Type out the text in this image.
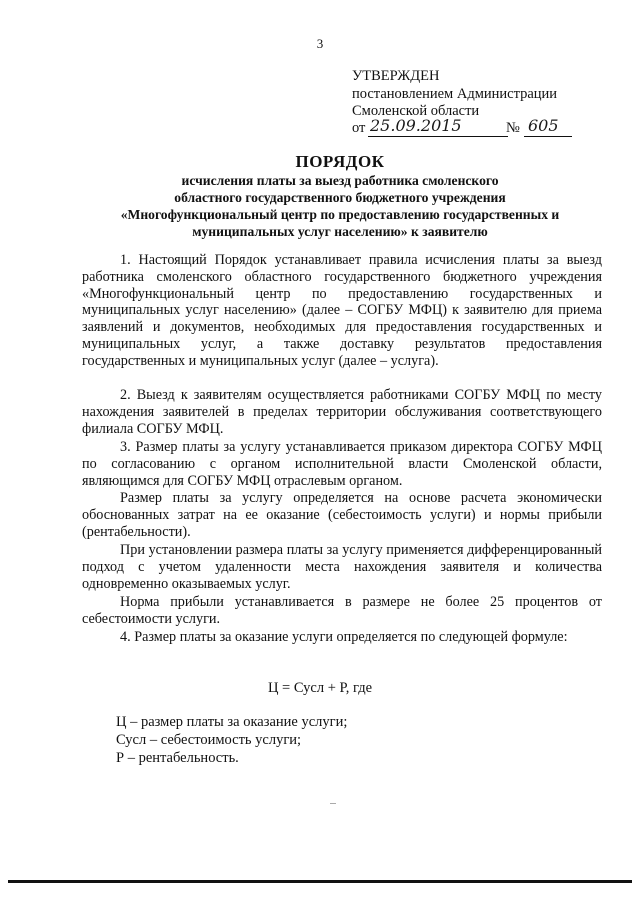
3
УТВЕРЖДЕН
постановлением Администрации
Смоленской области
от 25.09.2015	№ 605
ПОРЯДОК
исчисления платы за выезд работника смоленского
областного государственного бюджетного учреждения
«Многофункциональный центр по предоставлению государственных и
муниципальных услуг населению» к заявителю
1. Настоящий Порядок устанавливает правила исчисления платы за выезд работника смоленского областного государственного бюджетного учреждения «Многофункциональный центр по предоставлению государственных и муниципальных услуг населению» (далее – СОГБУ МФЦ) к заявителю для приема заявлений и документов, необходимых для предоставления государственных и муниципальных услуг, а также доставку результатов предоставления государственных и муниципальных услуг (далее – услуга).
2. Выезд к заявителям осуществляется работниками СОГБУ МФЦ по месту нахождения заявителей в пределах территории обслуживания соответствующего филиала СОГБУ МФЦ.
3. Размер платы за услугу устанавливается приказом директора СОГБУ МФЦ по согласованию с органом исполнительной власти Смоленской области, являющимся для СОГБУ МФЦ отраслевым органом.
Размер платы за услугу определяется на основе расчета экономически обоснованных затрат на ее оказание (себестоимость услуги) и нормы прибыли (рентабельности).
При установлении размера платы за услугу применяется дифференцированный подход с учетом удаленности места нахождения заявителя и количества одновременно оказываемых услуг.
Норма прибыли устанавливается в размере не более 25 процентов от себестоимости услуги.
4. Размер платы за оказание услуги определяется по следующей формуле:
Ц = Сусл + Р, где
Ц – размер платы за оказание услуги;
Сусл – себестоимость услуги;
Р – рентабельность.
